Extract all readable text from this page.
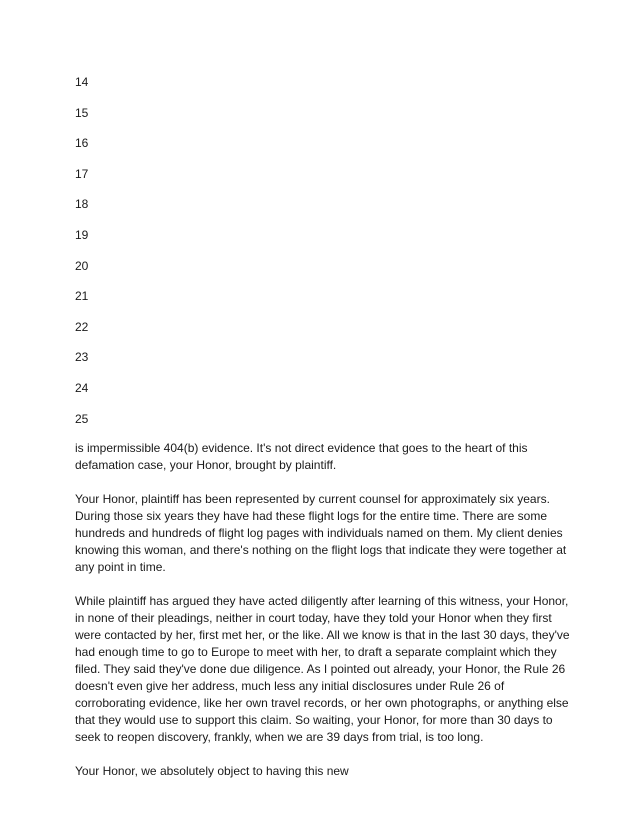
14
15
16
17
18
19
20
21
22
23
24
25

is impermissible 404(b) evidence. It's not direct evidence that goes to the heart of this defamation case, your Honor, brought by plaintiff.

Your Honor, plaintiff has been represented by current counsel for approximately six years. During those six years they have had these flight logs for the entire time. There are some hundreds and hundreds of flight log pages with individuals named on them. My client denies knowing this woman, and there's nothing on the flight logs that indicate they were together at any point in time.

While plaintiff has argued they have acted diligently after learning of this witness, your Honor, in none of their pleadings, neither in court today, have they told your Honor when they first were contacted by her, first met her, or the like. All we know is that in the last 30 days, they've had enough time to go to Europe to meet with her, to draft a separate complaint which they filed. They said they've done due diligence. As I pointed out already, your Honor, the Rule 26 doesn't even give her address, much less any initial disclosures under Rule 26 of corroborating evidence, like her own travel records, or her own photographs, or anything else that they would use to support this claim. So waiting, your Honor, for more than 30 days to seek to reopen discovery, frankly, when we are 39 days from trial, is too long.

Your Honor, we absolutely object to having this new
